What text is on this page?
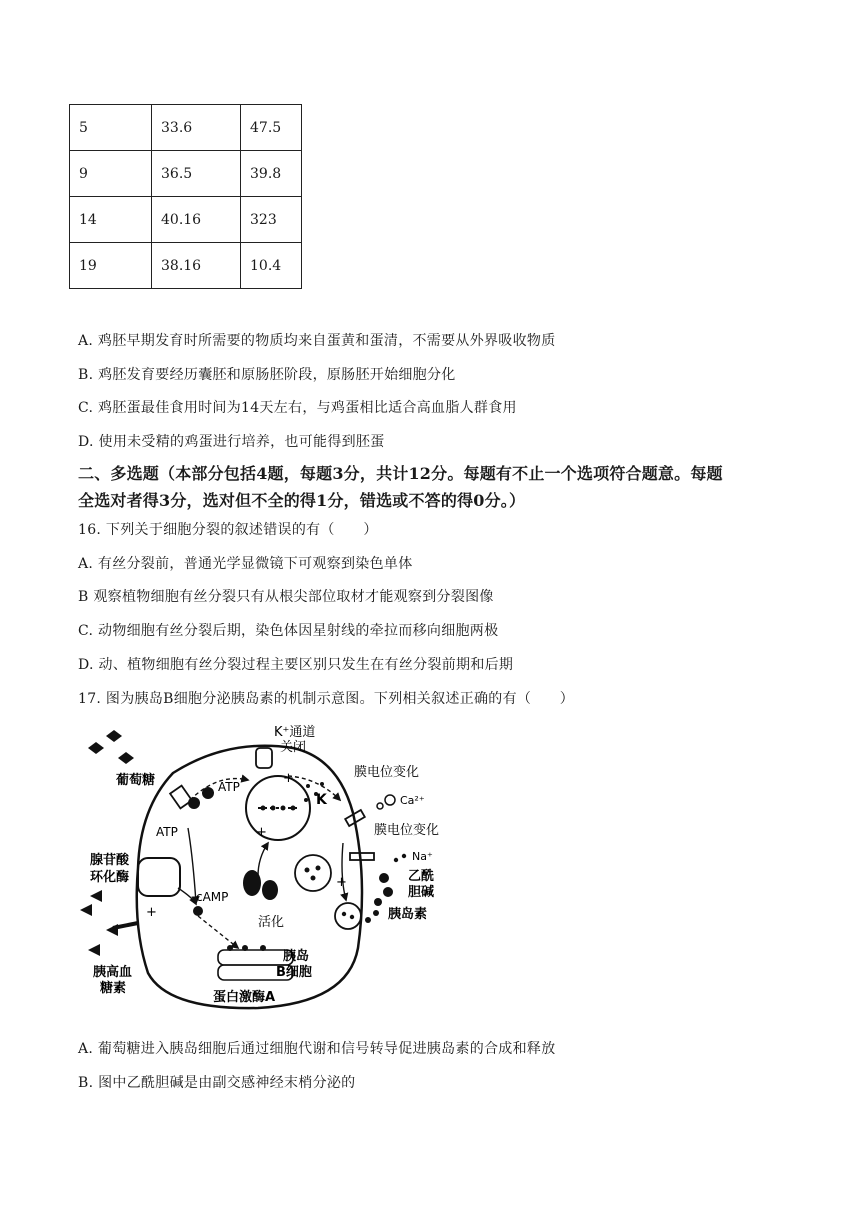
5	33.6	47.5
9	36.5	39.8
14	40.16	323
19	38.16	10.4
A. 鸡胚早期发育时所需要的物质均来自蛋黄和蛋清，不需要从外界吸收物质
B. 鸡胚发育要经历囊胚和原肠胚阶段，原肠胚开始细胞分化
C. 鸡胚蛋最佳食用时间为14天左右，与鸡蛋相比适合高血脂人群食用
D. 使用未受精的鸡蛋进行培养，也可能得到胚蛋
二、多选题（本部分包括4题，每题3分，共计12分。每题有不止一个选项符合题意。每题
全选对者得3分，选对但不全的得1分，错选或不答的得0分。）
16. 下列关于细胞分裂的叙述错误的有（　　）
A. 有丝分裂前，普通光学显微镜下可观察到染色单体
B 观察植物细胞有丝分裂只有从根尖部位取材才能观察到分裂图像
C. 动物细胞有丝分裂后期，染色体因星射线的牵拉而移向细胞两极
D. 动、植物细胞有丝分裂过程主要区别只发生在有丝分裂前期和后期
17. 图为胰岛B细胞分泌胰岛素的机制示意图。下列相关叙述正确的有（　　）
K⁺通道
关闭
葡萄糖	ATP
ATP
K
膜电位变化
Ca²⁺
膜电位变化
Na⁺
腺苷酸
环化酶
cAMP
活化
乙酰
胆碱
胰岛素
胰岛
B细胞
胰高血
糖素
蛋白激酶A
+
+
+
+
A. 葡萄糖进入胰岛细胞后通过细胞代谢和信号转导促进胰岛素的合成和释放
B. 图中乙酰胆碱是由副交感神经末梢分泌的
